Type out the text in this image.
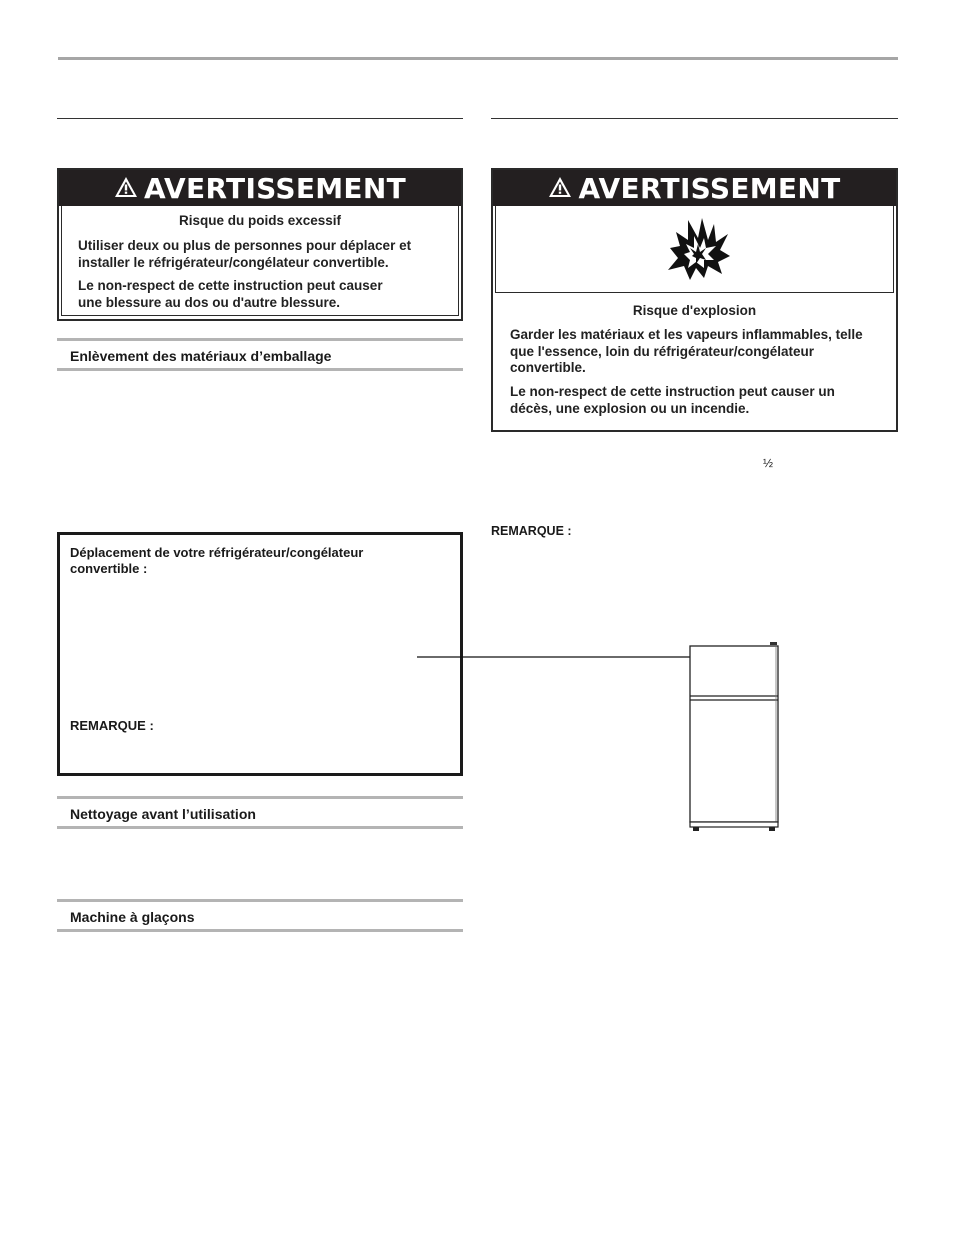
AVERTISSEMENT
Risque du poids excessif

Utiliser deux ou plus de personnes pour déplacer et installer le réfrigérateur/congélateur convertible.

Le non-respect de cette instruction peut causer une blessure au dos ou d'autre blessure.

Enlèvement des matériaux d’emballage
Déplacement de votre réfrigérateur/congélateur convertible :
REMARQUE :
Nettoyage avant l’utilisation
Machine à glaçons
AVERTISSEMENT
Risque d'explosion

Garder les matériaux et les vapeurs inflammables, telle que l'essence, loin du réfrigérateur/congélateur convertible.

Le non-respect de cette instruction peut causer un décès, une explosion ou un incendie.

½
REMARQUE :
